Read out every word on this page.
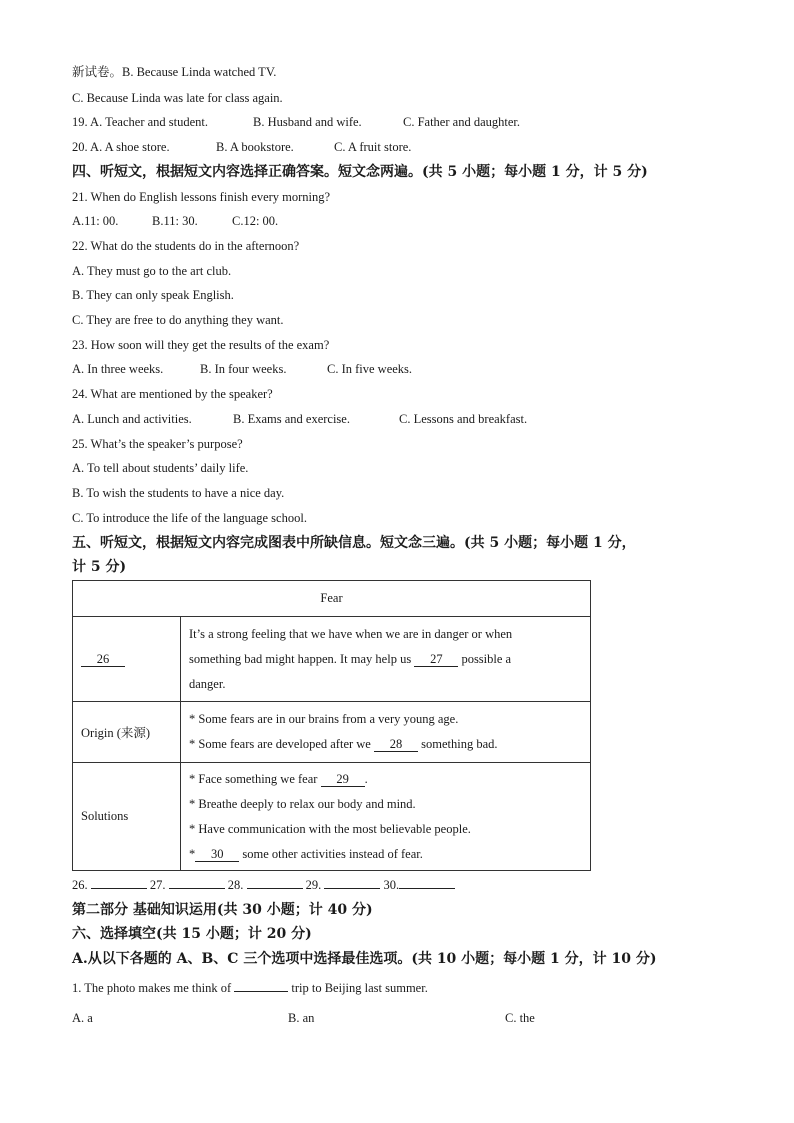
新试卷。B. Because Linda watched TV.
C. Because Linda was late for class again.
19. A. Teacher and student.	B. Husband and wife.	C. Father and daughter.
20. A. A shoe store.	B. A bookstore.	C. A fruit store.
四、听短文，根据短文内容选择正确答案。短文念两遍。(共 5 小题；每小题 1 分，计 5 分)
21. When do English lessons finish every morning?
A.11: 00.	B.11: 30.	C.12: 00.
22. What do the students do in the afternoon?
A. They must go to the art club.
B. They can only speak English.
C. They are free to do anything they want.
23. How soon will they get the results of the exam?
A. In three weeks.	B. In four weeks.	C. In five weeks.
24. What are mentioned by the speaker?
A. Lunch and activities.	B. Exams and exercise.	C. Lessons and breakfast.
25. What’s the speaker’s purpose?
A. To tell about students’ daily life.
B. To wish the students to have a nice day.
C. To introduce the life of the language school.
五、听短文，根据短文内容完成图表中所缺信息。短文念三遍。(共 5 小题；每小题 1 分，
计 5 分)
Fear	
26	It’s a strong feeling that we have when we are in danger or when
something bad might happen. It may help us 27 possible a
danger.

Origin (来源)	* Some fears are in our brains from a very young age.
* Some fears are developed after we 28 something bad.

Solutions	* Face something we fear 29 .
* Breathe deeply to relax our body and mind.
* Have communication with the most believable people.
* 30 some other activities instead of fear.
26.	27.	28.	29.	30.
第二部分 基础知识运用(共 30 小题；计 40 分)
六、选择填空(共 15 小题；计 20 分)
A.从以下各题的 A、B、C 三个选项中选择最佳选项。(共 10 小题；每小题 1 分，计 10 分)
1. The photo makes me think of	trip to Beijing last summer.
A. a	B. an	C. the
